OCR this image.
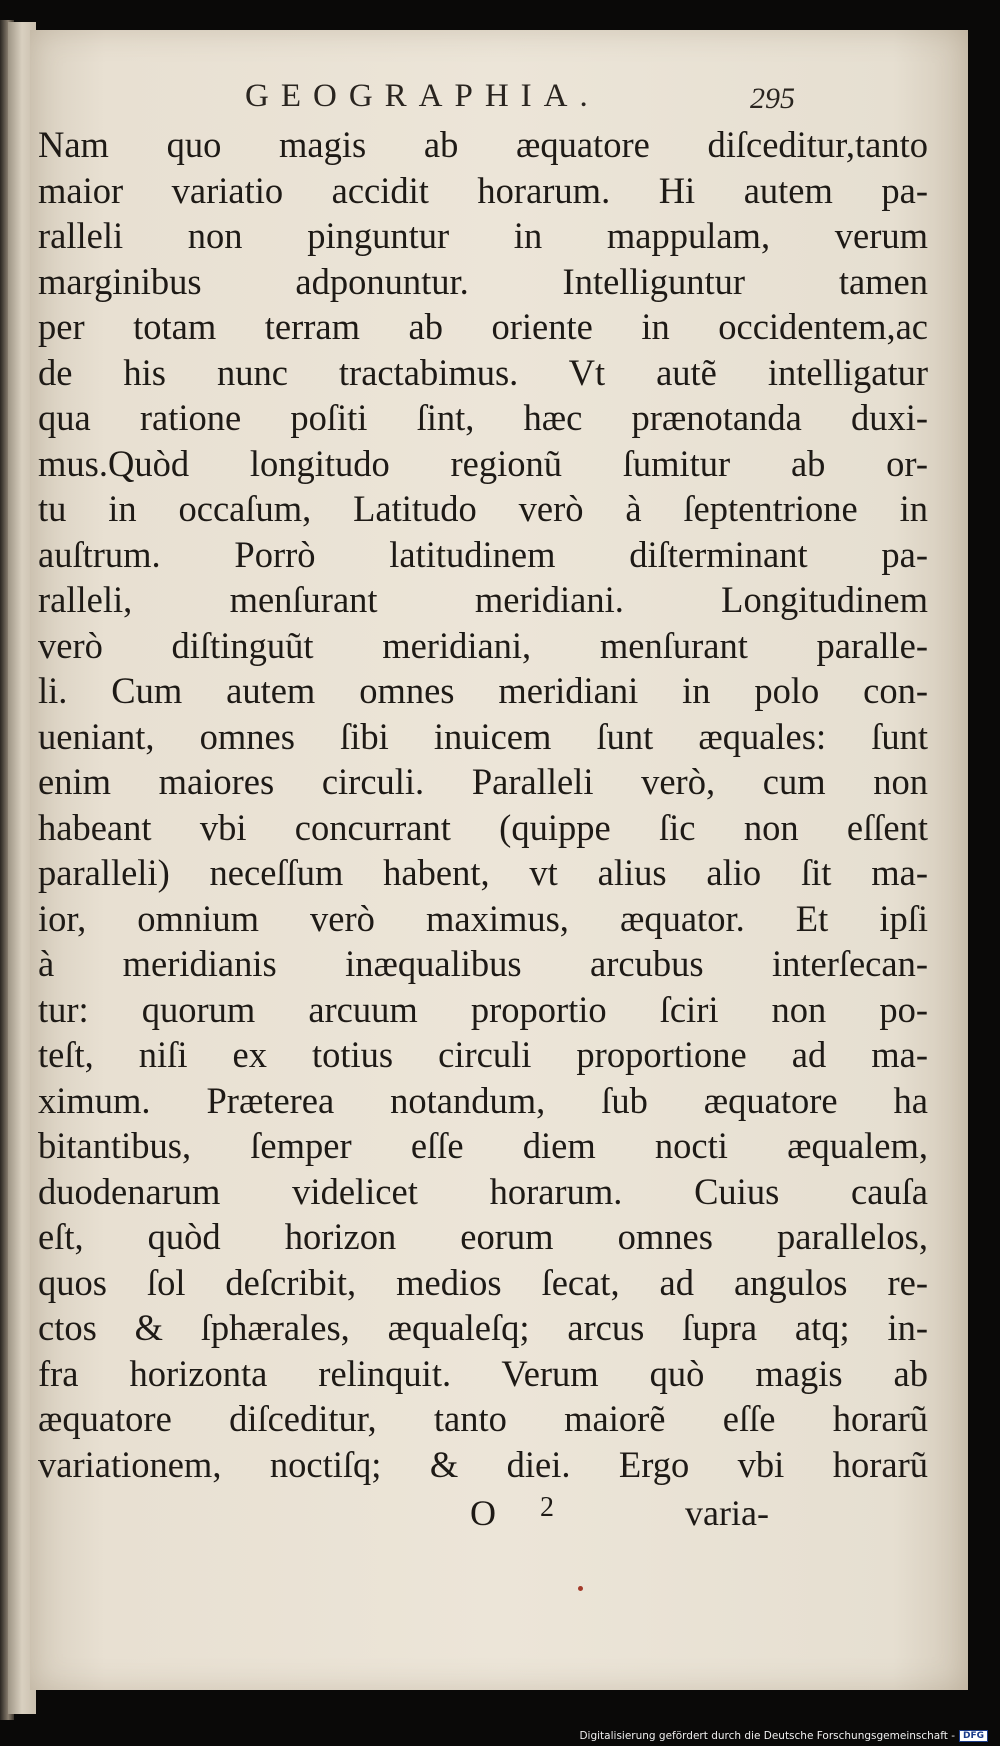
GEOGRAPHIA.	295
Nam quo magis ab æquatore diſceditur,tanto
maior variatio accidit horarum. Hi autem pa-
ralleli non pinguntur in mappulam, verum
marginibus adponuntur. Intelliguntur tamen
per totam terram ab oriente in occidentem,ac
de his nunc tractabimus. Vt autẽ intelligatur
qua ratione poſiti ſint, hæc prænotanda duxi-
mus.Quòd longitudo regionũ ſumitur ab or-
tu in occaſum, Latitudo verò à ſeptentrione in
auſtrum. Porrò latitudinem diſterminant pa-
ralleli, menſurant meridiani. Longitudinem
verò diſtinguũt meridiani, menſurant paralle-
li. Cum autem omnes meridiani in polo con-
ueniant, omnes ſibi inuicem ſunt æquales: ſunt
enim maiores circuli. Paralleli verò, cum non
habeant vbi concurrant (quippe ſic non eſſent
paralleli) neceſſum habent, vt alius alio ſit ma-
ior, omnium verò maximus, æquator. Et ipſi
à meridianis inæqualibus arcubus interſecan-
tur: quorum arcuum proportio ſciri non po-
teſt, niſi ex totius circuli proportione ad ma-
ximum. Præterea notandum, ſub æquatore ha
bitantibus, ſemper eſſe diem nocti æqualem,
duodenarum videlicet horarum. Cuius cauſa
eſt, quòd horizon eorum omnes parallelos,
quos ſol deſcribit, medios ſecat, ad angulos re-
ctos & ſphærales, æqualeſq; arcus ſupra atq; in-
fra horizonta relinquit. Verum quò magis ab
æquatore diſceditur, tanto maiorẽ eſſe horarũ
variationem, noctiſq; & diei. Ergo vbi horarũ
O 2	varia-
Digitalisierung gefördert durch die Deutsche Forschungsgemeinschaft - DFG
